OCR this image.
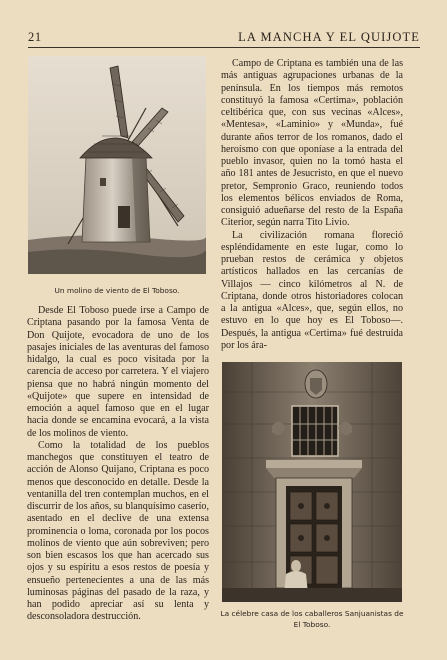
21	LA MANCHA Y EL QUIJOTE
Un molino de viento de El Toboso.

Desde El Toboso puede irse a Campo de Criptana pasando por la famosa Venta de Don Quijote, evocadora de uno de los pasajes iniciales de las aventuras del famoso hidalgo, la cual es poco visitada por la carencia de acceso por carretera. Y el viajero piensa que no habrá ningún momento del «Quijote» que supere en intensidad de emoción a aquel famoso que en el lugar hacia donde se encamina evocará, a la vista de los molinos de viento.

Como la totalidad de los pueblos manchegos que constituyen el teatro de acción de Alonso Quijano, Criptana es poco menos que desconocido en detalle. Desde la ventanilla del tren contemplan muchos, en el discurrir de los años, su blanquísimo caserío, asentado en el declive de una extensa prominencia o loma, coronada por los pocos molinos de viento que aún sobreviven; pero son bien escasos los que han acercado sus ojos y su espíritu a esos restos de poesía y ensueño pertenecientes a una de las más luminosas páginas del pasado de la raza, y han podido apreciar así su lenta y desconsoladora destrucción.

Campo de Criptana es también una de las más antiguas agrupaciones urbanas de la península. En los tiempos más remotos constituyó la famosa «Certima», población celtibérica que, con sus vecinas «Alces», «Mentesa», «Laminio» y «Munda», fué durante años terror de los romanos, dado el heroísmo con que oponíase a la entrada del pueblo invasor, quien no la tomó hasta el año 181 antes de Jesucristo, en que el nuevo pretor, Sempronio Graco, reuniendo todos los elementos bélicos enviados de Roma, consiguió adueñarse del resto de la España Citerior, según narra Tito Livio.

La civilización romana floreció espléndidamente en este lugar, como lo prueban restos de cerámica y objetos artísticos hallados en las cercanías de Villajos — cinco kilómetros al N. de Criptana, donde otros historiadores colocan a la antigua «Alces», que, según ellos, no estuvo en lo que hoy es El Toboso—. Después, la antigua «Certima» fué destruída por los ára-

La célebre casa de los caballeros Sanjuanistas de
El Toboso.
